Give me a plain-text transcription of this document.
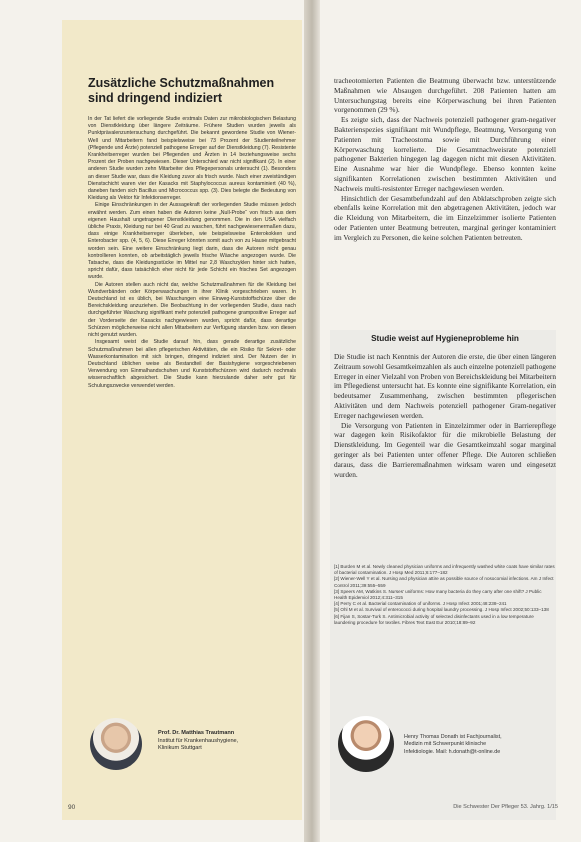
Zusätzliche Schutzmaßnahmen
sind dringend indiziert

In der Tat liefert die vorliegende Studie erstmals Daten zur mikrobiologischen Belastung von Dienstkleidung über längere Zeiträume. Frühere Studien wurden jeweils als Punktprävalenzuntersuchung durchgeführt. Die bekannt gewordene Studie von Wiener-Well und Mitarbeitern fand beispielsweise bei 73 Prozent der Studienteilnehmer (Pflegende und Ärzte) potenziell pathogene Erreger auf der Dienstkleidung (7). Resistente Krankheitserreger wurden bei Pflegenden und Ärzten in 14 beziehungsweise sechs Prozent der Proben nachgewiesen. Dieser Unterschied war nicht signifikant (2). In einer anderen Studie wurden zehn Mitarbeiter des Pflegepersonals untersucht (1). Besonders an dieser Studie war, dass die Kleidung zuvor als frisch wurde. Nach einer zweistündigen Dienstschicht waren vier der Kasacks mit Staphylococcus aureus kontaminiert (40 %), daneben fanden sich Bacillus und Micrococcus spp. (3). Dies belegte die Bedeutung von Kleidung als Vektor für Infektionserreger.

Einige Einschränkungen in der Aussagekraft der vorliegenden Studie müssen jedoch erwähnt werden. Zum einen haben die Autoren keine „Null-Probe“ von frisch aus dem eigenen Haushalt ungetragener Dienstkleidung genommen. Die in den USA vielfach übliche Praxis, Kleidung nur bei 40 Grad zu waschen, führt nachgewiesenermaßen dazu, dass einige Krankheitserreger überleben, wie beispielsweise Enterokokken und Enterobacter spp. (4, 5, 6). Diese Erreger könnten somit auch von zu Hause mitgebracht worden sein. Eine weitere Einschränkung liegt darin, dass die Autoren nicht genau kontrollieren konnten, ob arbeitstäglich jeweils frische Wäsche angezogen wurde. Die Tatsache, dass die Kleidungsstücke im Mittel nur 2,8 Waschzyklen hinter sich hatten, spricht dafür, dass tatsächlich eher nicht für jede Schicht ein frisches Set angezogen wurde.

Die Autoren stellen auch nicht dar, welche Schutzmaßnahmen für die Kleidung bei Wundverbänden oder Körperwaschungen in ihrer Klinik vorgeschrieben waren. In Deutschland ist es üblich, bei Waschungen eine Einweg-Kunststoffschürze über die Bereichskleidung anzuziehen. Die Beobachtung in der vorliegenden Studie, dass nach durchgeführter Waschung signifikant mehr potenziell pathogene grampositive Erreger auf der Vorderseite der Kasacks nachgewiesen wurden, spricht dafür, dass derartige Schürzen möglicherweise nicht allen Mitarbeitern zur Verfügung standen bzw. von diesen nicht genutzt wurden.

Insgesamt weist die Studie darauf hin, dass gerade derartige zusätzliche Schutzmaßnahmen bei allen pflegerischen Aktivitäten, die ein Risiko für Sekret- oder Wasserkontamination mit sich bringen, dringend indiziert sind. Der Nutzen der in Deutschland üblichen weise als Bestandteil der Basishygiene vorgeschriebenen Verwendung von Einmalhandschuhen und Kunststoffschürzen wird dadurch nochmals wissenschaftlich abgesichert. Die Studie kann hierzulande daher sehr gut für Schulungszwecke verwendet werden.

Prof. Dr. Matthias Trautmann
Institut für Krankenhaushygiene,
Klinikum Stuttgart
90

tracheotomierten Patienten die Beatmung überwacht bzw. unterstützende Maßnahmen wie Absaugen durchgeführt. 208 Patienten hatten am Untersuchungstag bereits eine Körperwaschung bei ihren Patienten vorgenommen (29 %).

Es zeigte sich, dass der Nachweis potenziell pathogener gram-negativer Bakterienspezies signifikant mit Wundpflege, Beatmung, Versorgung von Patienten mit Tracheostoma sowie mit Durchführung einer Körperwaschung korrelierte. Die Gesamtnachweisrate potenziell pathogener Bakterien hingegen lag dagegen nicht mit diesen Aktivitäten. Eine Ausnahme war hier die Wundpflege. Ebenso konnten keine signifikanten Korrelationen zwischen bestimmten Aktivitäten und Nachweis multi-resistenter Erreger nachgewiesen werden.

Hinsichtlich der Gesamtbefundzahl auf den Abklatschproben zeigte sich ebenfalls keine Korrelation mit den abgetragenen Aktivitäten, jedoch war die Kleidung von Mitarbeitern, die im Einzelzimmer isolierte Patienten oder Patienten unter Beatmung betreuten, marginal geringer kontaminiert im Vergleich zu Personen, die keine solchen Patienten betreuten.

Studie weist auf Hygieneprobleme hin

Die Studie ist nach Kenntnis der Autoren die erste, die über einen längeren Zeitraum sowohl Gesamtkeimzahlen als auch einzelne potenziell pathogene Erreger in einer Vielzahl von Proben von Bereichskleidung bei Mitarbeitern im Pflegedienst untersucht hat. Es konnte eine signifikante Korrelation, ein bedeutsamer Zusammenhang, zwischen bestimmten pflegerischen Aktivitäten und dem Nachweis potenziell pathogener Gram-negativer Erreger nachgewiesen werden.

Die Versorgung von Patienten in Einzelzimmer oder in Barrierepflege war dagegen kein Risikofaktor für die mikrobielle Belastung der Dienstkleidung. Im Gegenteil war die Gesamtkeimzahl sogar marginal geringer als bei Patienten unter offener Pflege. Die Autoren schließen daraus, dass die Barrieremaßnahmen wirksam waren und eingesetzt wurden.

[1] Burden M et al. Newly cleaned physician uniforms and infrequently washed white coats have similar rates of bacterial contamination. J Hosp Med 2011;6:177–182
[2] Wiener-Well Y et al. Nursing and physician attire as possible source of nosocomial infections. Am J Infect Control 2011;39:555–559
[3] Speers AM, Watkins S. Nurses' uniforms: How many bacteria do they carry after one shift? J Public Health Epidemiol 2012;4:311–315
[4] Perry C et al. Bacterial contamination of uniforms. J Hosp Infect 2001;48:238–241
[5] Ohl M et al. Survival of enterococci during hospital laundry processing. J Hosp Infect 2002;50:133–138
[6] Fijan S, Sostar-Turk S. Antimicrobial activity of selected disinfectants used in a low temperature laundering procedure for textiles. Fibres Text East Eur 2010;18:89–92
Henry Thomas Donath ist Fachjournalist,
Medizin mit Schwerpunkt klinische
Infektiologie. Mail: h.donath@t-online.de
Die Schwester Der Pfleger 53. Jahrg. 1/15
